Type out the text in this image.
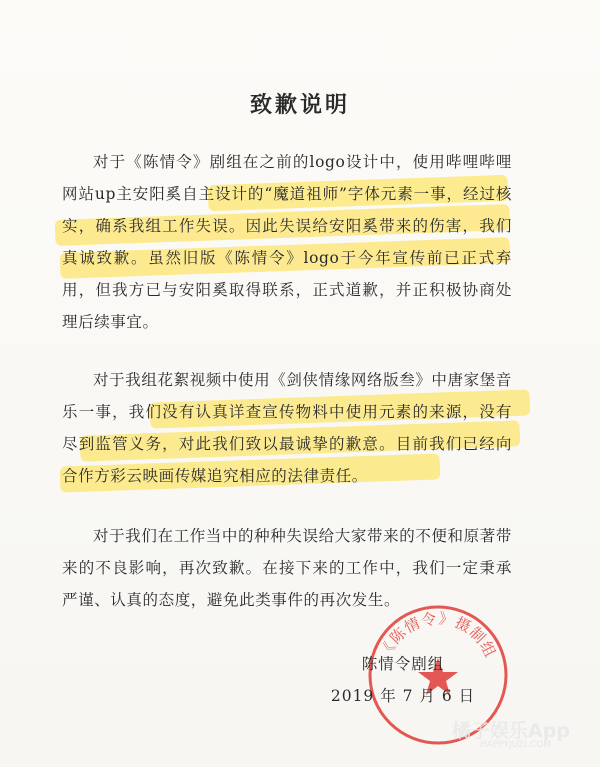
致歉说明

对于《陈情令》剧组在之前的logo设计中，使用哔哩哔哩网站up主安阳奚自主设计的“魔道祖师”字体元素一事，经过核实，确系我组工作失误。因此失误给安阳奚带来的伤害，我们真诚致歉。虽然旧版《陈情令》logo于今年宣传前已正式弃用，但我方已与安阳奚取得联系，正式道歉，并正积极协商处理后续事宜。

对于我组花絮视频中使用《剑侠情缘网络版叁》中唐家堡音乐一事，我们没有认真详查宣传物料中使用元素的来源，没有尽到监管义务，对此我们致以最诚挚的歉意。目前我们已经向合作方彩云映画传媒追究相应的法律责任。

对于我们在工作当中的种种失误给大家带来的不便和原著带来的不良影响，再次致歉。在接下来的工作中，我们一定秉承严谨、认真的态度，避免此类事件的再次发生。

《陈情令》摄制组
陈情令剧组
2019 年 7 月 6 日
橘子娱乐App
HAPPYJUZI.COM
